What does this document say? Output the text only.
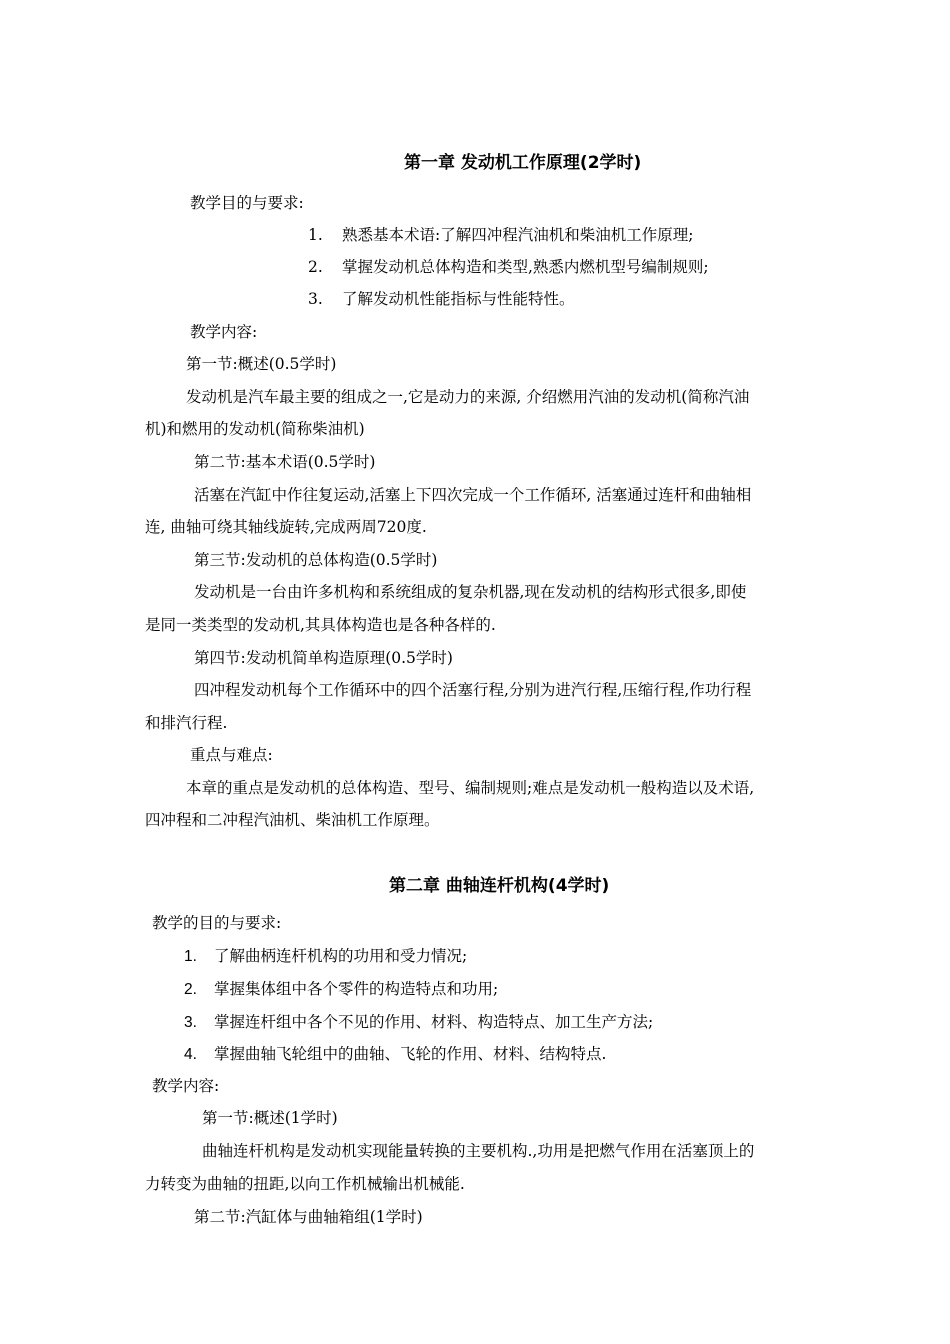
第一章 发动机工作原理(2学时)
教学目的与要求:
1. 熟悉基本术语:了解四冲程汽油机和柴油机工作原理;
2. 掌握发动机总体构造和类型,熟悉内燃机型号编制规则;
3. 了解发动机性能指标与性能特性。
教学内容:
第一节:概述(0.5学时)
发动机是汽车最主要的组成之一,它是动力的来源, 介绍燃用汽油的发动机(简称汽油
机)和燃用的发动机(简称柴油机)
第二节:基本术语(0.5学时)
活塞在汽缸中作往复运动,活塞上下四次完成一个工作循环, 活塞通过连杆和曲轴相
连, 曲轴可绕其轴线旋转,完成两周720度.
第三节:发动机的总体构造(0.5学时)
发动机是一台由许多机构和系统组成的复杂机器,现在发动机的结构形式很多,即使
是同一类类型的发动机,其具体构造也是各种各样的.
第四节:发动机简单构造原理(0.5学时)
四冲程发动机每个工作循环中的四个活塞行程,分别为进汽行程,压缩行程,作功行程
和排汽行程.
重点与难点:
本章的重点是发动机的总体构造、型号、编制规则;难点是发动机一般构造以及术语,
四冲程和二冲程汽油机、柴油机工作原理。
第二章 曲轴连杆机构(4学时)
教学的目的与要求:
1. 了解曲柄连杆机构的功用和受力情况;
2. 掌握集体组中各个零件的构造特点和功用;
3. 掌握连杆组中各个不见的作用、材料、构造特点、加工生产方法;
4. 掌握曲轴飞轮组中的曲轴、飞轮的作用、材料、结构特点.
教学内容:
第一节:概述(1学时)
曲轴连杆机构是发动机实现能量转换的主要机构.,功用是把燃气作用在活塞顶上的
力转变为曲轴的扭距,以向工作机械输出机械能.
第二节:汽缸体与曲轴箱组(1学时)
